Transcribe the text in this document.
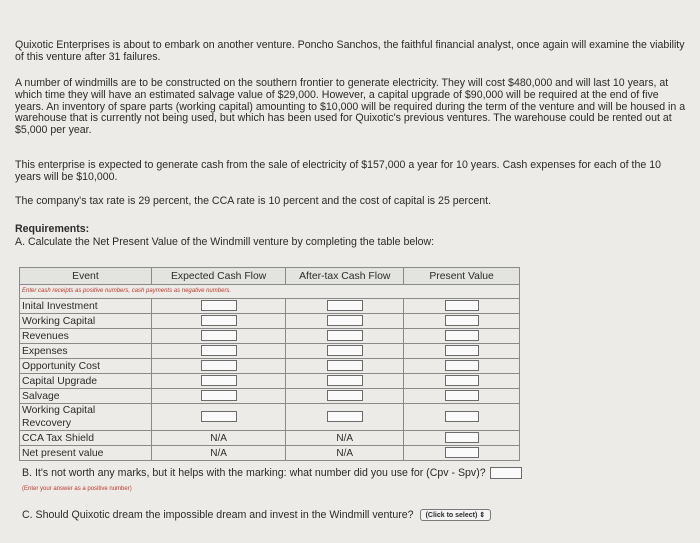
Quixotic Enterprises is about to embark on another venture. Poncho Sanchos, the faithful financial analyst, once again will examine the viability of this venture after 31 failures.
A number of windmills are to be constructed on the southern frontier to generate electricity. They will cost $480,000 and will last 10 years, at which time they will have an estimated salvage value of $29,000. However, a capital upgrade of $90,000 will be required at the end of five years. An inventory of spare parts (working capital) amounting to $10,000 will be required during the term of the venture and will be housed in a warehouse that is currently not being used, but which has been used for Quixotic's previous ventures. The warehouse could be rented out at $5,000 per year.
This enterprise is expected to generate cash from the sale of electricity of $157,000 a year for 10 years. Cash expenses for each of the 10 years will be $10,000.
The company's tax rate is 29 percent, the CCA rate is 10 percent and the cost of capital is 25 percent.
Requirements:
A. Calculate the Net Present Value of the Windmill venture by completing the table below:
Event	Expected Cash Flow	After-tax Cash Flow	Present Value
Enter cash receipts as positive numbers, cash payments as negative numbers.			
Inital Investment			
Working Capital			
Revenues			
Expenses			
Opportunity Cost			
Capital Upgrade			
Salvage			
Working Capital
Revcovery			
CCA Tax Shield	N/A	N/A	

Net present value	N/A	N/A	

B. It's not worth any marks, but it helps with the marking: what number did you use for (Cpv - Spv)?
(Enter your answer as a positive number)
C. Should Quixotic dream the impossible dream and invest in the Windmill venture? (Click to select) ⇕
